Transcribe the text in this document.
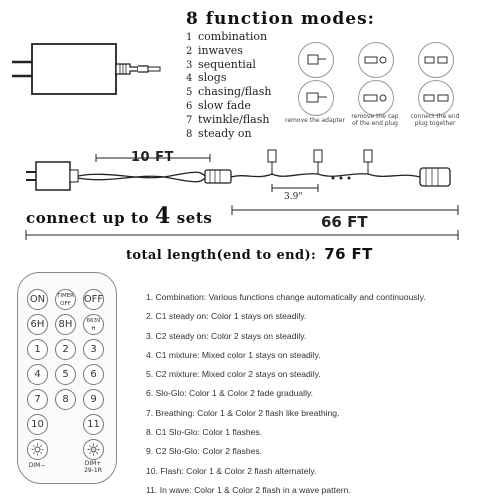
8 function modes:
1 combination
2 inwaves
3 sequential
4 slogs
5 chasing/flash
6 slow fade
7 twinkle/flash
8 steady on
remove the adapter
remove the cap
of the end plug
connect the end
plug together
10 FT
3.9"
connect up to 4 sets	66 FT
total length(end to end): 76 FT
ON	TIMER OFF	OFF
6H	8H	6639 H
1	2	3
4	5	6
7	8	9
10	11
DIM−	DIM+
29-1R
1. Combination: Various functions change automatically and continuously.
2. C1 steady on: Color 1 stays on steadily.
3. C2 steady on: Color 2 stays on steadily.
4. C1 mixture: Mixed color 1 stays on steadily.
5. C2 mixture: Mixed color 2 stays on steadily.
6. Slo-Glo: Color 1 & Color 2 fade gradually.
7. Breathing: Color 1 & Color 2 flash like breathing.
8. C1 Slo-Glo: Color 1 flashes.
9. C2 Slo-Glo: Color 2 flashes.
10. Flash: Color 1 & Color 2 flash alternately.
11. In wave: Color 1 & Color 2 flash in a wave pattern.
